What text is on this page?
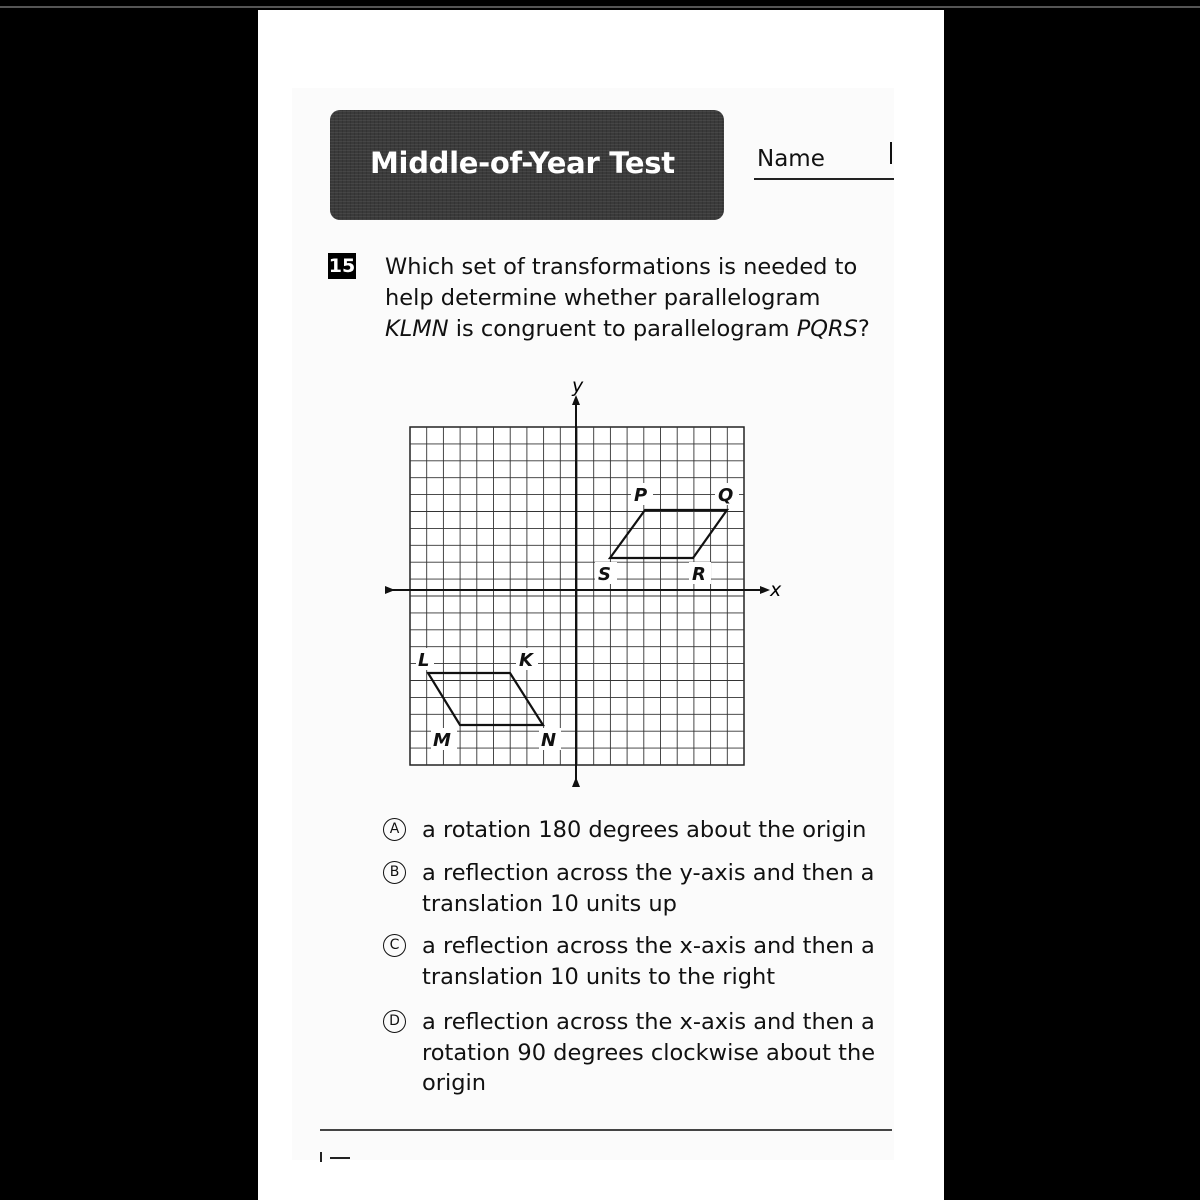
Middle-of-Year Test	Name
15 Which set of transformations is needed to
help determine whether parallelogram
KLMN is congruent to parallelogram PQRS?
y
x
P	Q
S	R
K
L
M	N
A a rotation 180 degrees about the origin
B a reflection across the y-axis and then a
translation 10 units up
C a reflection across the x-axis and then a
translation 10 units to the right
D a reflection across the x-axis and then a
rotation 90 degrees clockwise about the
origin
